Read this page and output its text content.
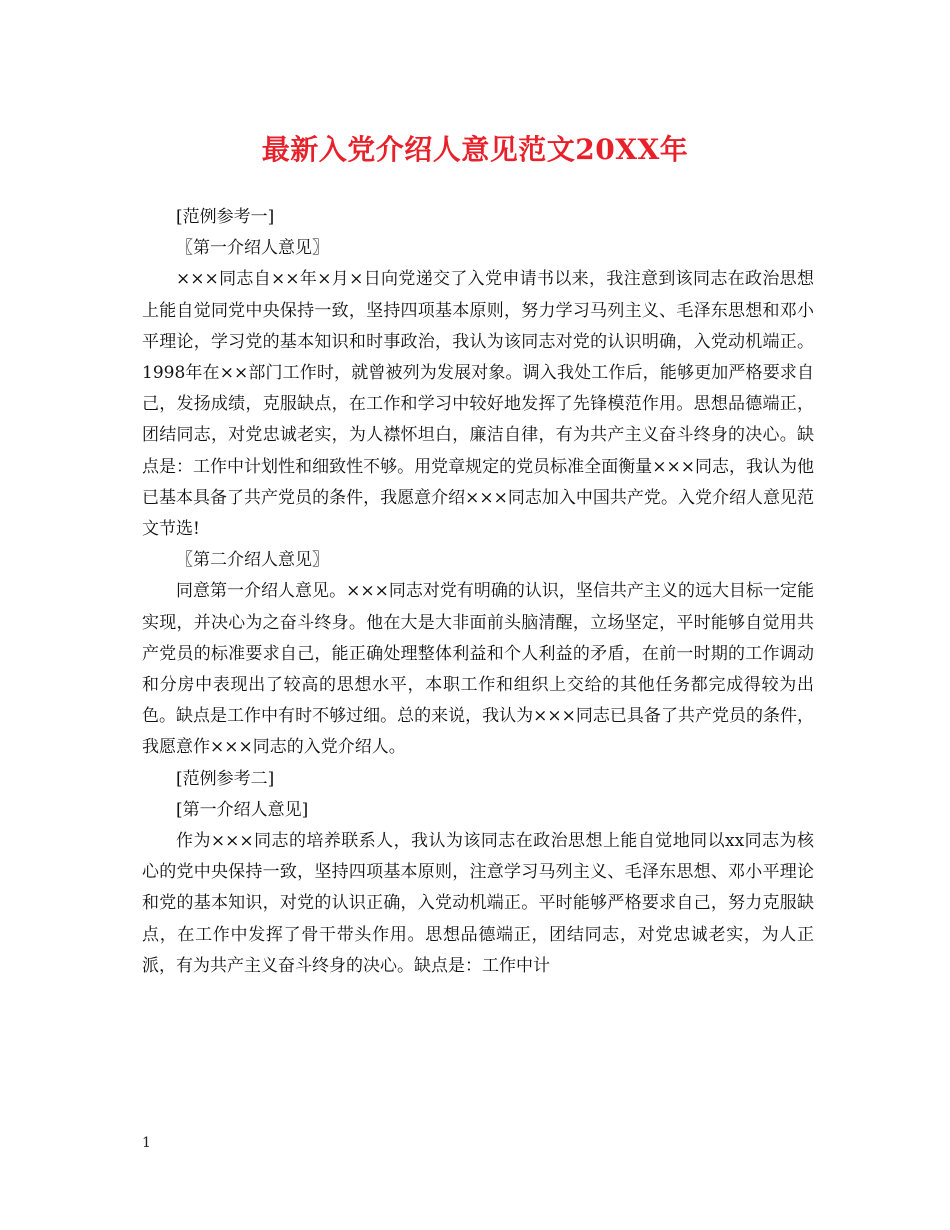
最新入党介绍人意见范文20XX年

[范例参考一]

〖第一介绍人意见〗

×××同志自××年×月×日向党递交了入党申请书以来，我注意到该同志在政治思想上能自觉同党中央保持一致，坚持四项基本原则，努力学习马列主义、毛泽东思想和邓小平理论，学习党的基本知识和时事政治，我认为该同志对党的认识明确，入党动机端正。1998年在××部门工作时，就曾被列为发展对象。调入我处工作后，能够更加严格要求自己，发扬成绩，克服缺点，在工作和学习中较好地发挥了先锋模范作用。思想品德端正，团结同志，对党忠诚老实，为人襟怀坦白，廉洁自律，有为共产主义奋斗终身的决心。缺点是：工作中计划性和细致性不够。用党章规定的党员标准全面衡量×××同志，我认为他已基本具备了共产党员的条件，我愿意介绍×××同志加入中国共产党。入党介绍人意见范文节选!

〖第二介绍人意见〗

同意第一介绍人意见。×××同志对党有明确的认识，坚信共产主义的远大目标一定能实现，并决心为之奋斗终身。他在大是大非面前头脑清醒，立场坚定，平时能够自觉用共产党员的标准要求自己，能正确处理整体利益和个人利益的矛盾，在前一时期的工作调动和分房中表现出了较高的思想水平，本职工作和组织上交给的其他任务都完成得较为出色。缺点是工作中有时不够过细。总的来说，我认为×××同志已具备了共产党员的条件，我愿意作×××同志的入党介绍人。

[范例参考二]

[第一介绍人意见]

作为×××同志的培养联系人，我认为该同志在政治思想上能自觉地同以xx同志为核心的党中央保持一致，坚持四项基本原则，注意学习马列主义、毛泽东思想、邓小平理论和党的基本知识，对党的认识正确，入党动机端正。平时能够严格要求自己，努力克服缺点，在工作中发挥了骨干带头作用。思想品德端正，团结同志，对党忠诚老实，为人正派，有为共产主义奋斗终身的决心。缺点是：工作中计

1
